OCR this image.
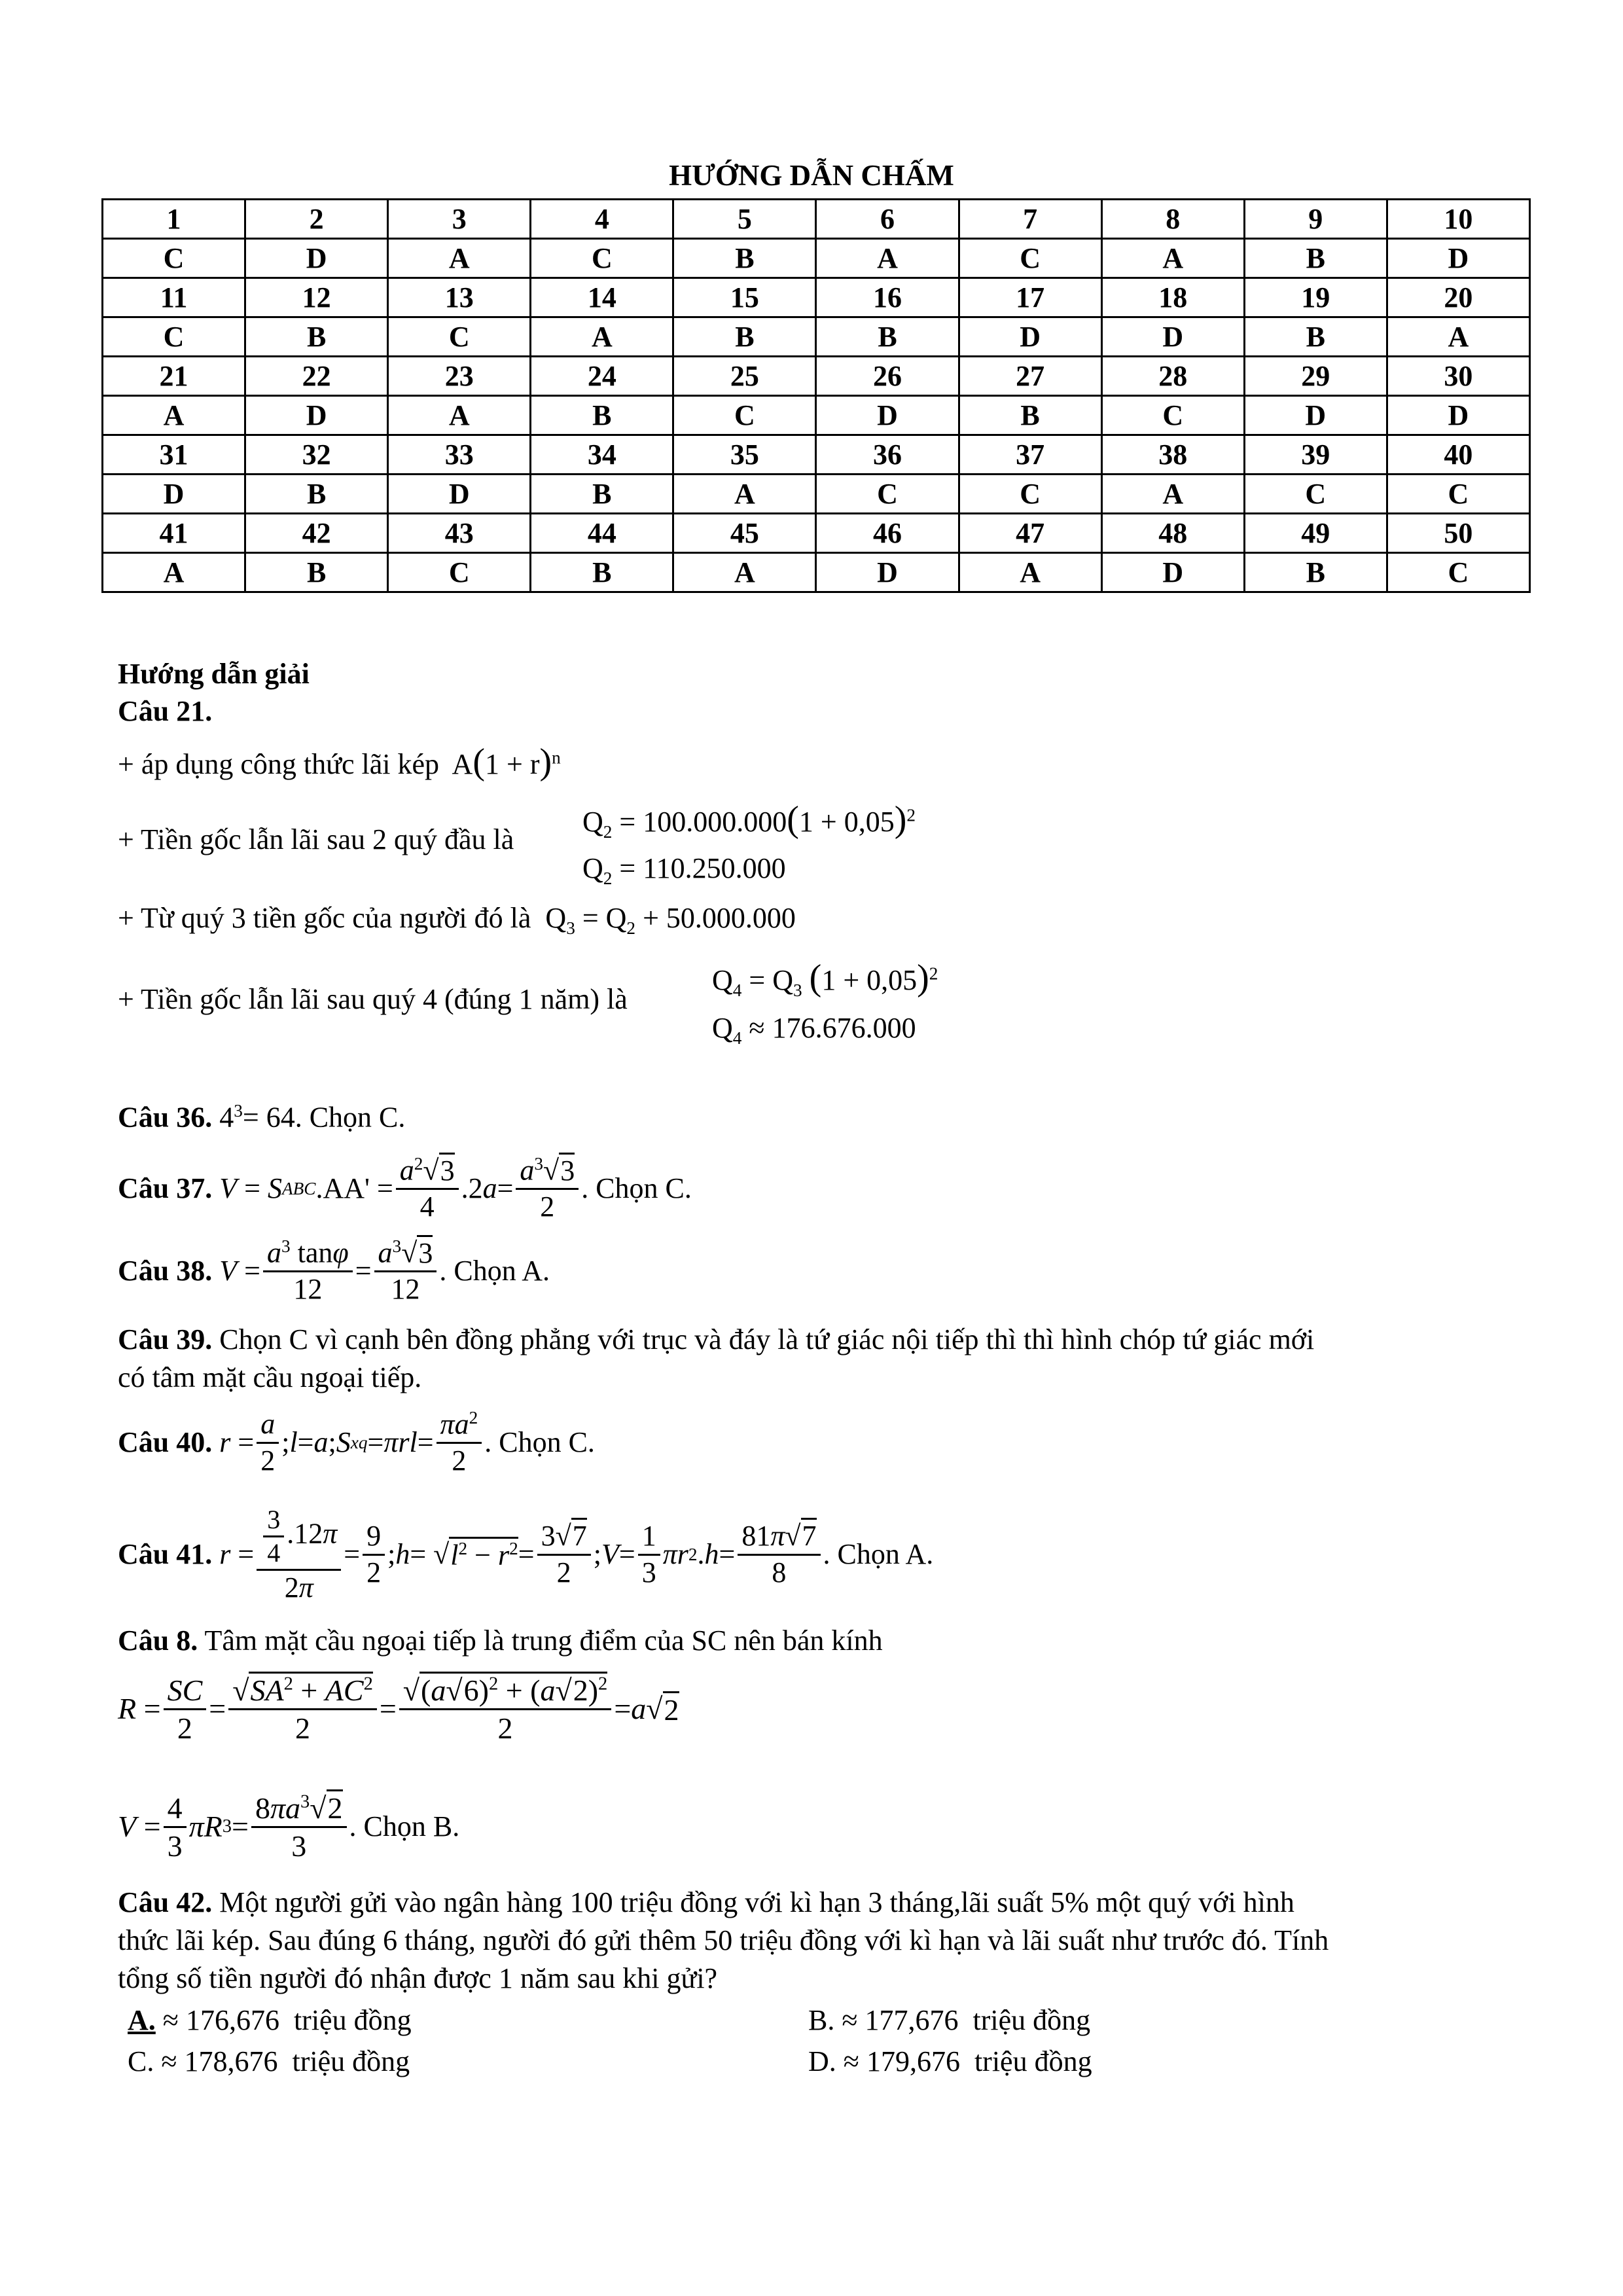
HƯỚNG DẪN CHẤM
1	2	3	4	5	6	7	8	9	10
C	D	A	C	B	A	C	A	B	D
11	12	13	14	15	16	17	18	19	20
C	B	C	A	B	B	D	D	B	A
21	22	23	24	25	26	27	28	29	30
A	D	A	B	C	D	B	C	D	D
31	32	33	34	35	36	37	38	39	40
D	B	D	B	A	C	C	A	C	C
41	42	43	44	45	46	47	48	49	50
A	B	C	B	A	D	A	D	B	C
Hướng dẫn giải
Câu 21.
+ áp dụng công thức lãi kép  $A(1 + r)^n$
+ Tiền gốc lẫn lãi sau 2 quý đầu là
$Q_2 = 100.000.000(1 + 0,05)^2$
$Q_2 = 110.250.000$
+ Từ quý 3 tiền gốc của người đó là  $Q_3 = Q_2 + 50.000.000$
+ Tiền gốc lẫn lãi sau quý 4 (đúng 1 năm) là
$Q_4 = Q_3$ $(1 + 0,05)^2$
$Q_4 \approx 176.676.000$
Câu 36. $4^3= 64$. Chọn C.
Câu 37.
V = S ABC $.AA' = \frac{a^2√3}{4} .2$ $a = \frac{a^3√3}{2}$ . Chọn C.
Câu 38.
$V = \frac{a^3 \tan\varphi}{12} = \frac{a^3√3}{12}$ . Chọn A.
Câu 39. Chọn C vì cạnh bên đồng phẳng với trục và đáy là tứ giác nội tiếp thì thì hình chóp tứ giác mới
có tâm mặt cầu ngoại tiếp.
Câu 40.
$r = \frac{a}{2}$ ; l = a ; S xq = $\pi rl = \frac{\pi a^2}{2}$ . Chọn C.
Câu 41.
$r = \frac{\frac{3}{4} .12\pi}{2\pi} = \frac{9}{2}$ ; h = √ $l^2 - r^2 = \frac{3√7}{2}$ ; $V = \frac{1}{3}$ πr 2 . $h = \frac{81\pi√7}{8}$ . Chọn A.
Câu 8. Tâm mặt cầu ngoại tiếp là trung điểm của SC nên bán kính
$R = \frac{SC}{2} = \frac{√SA^2 + AC^2}{2} = \frac{√(a√6)^2 + (a√2)^2}{2} = a$ √ 2
$V = \frac{4}{3}$ πR $3 = \frac{8\pi a^3√2}{3}$ . Chọn B.
Câu 42. Một người gửi vào ngân hàng 100 triệu đồng với kì hạn 3 tháng,lãi suất 5% một quý với hình
thức lãi kép. Sau đúng 6 tháng, người đó gửi thêm 50 triệu đồng với kì hạn và lãi suất như trước đó. Tính
tổng số tiền người đó nhận được 1 năm sau khi gửi?
A. ≈ 176,676 triệu đồng	B. ≈ 177,676 triệu đồng
C. ≈ 178,676 triệu đồng	D. ≈ 179,676 triệu đồng
